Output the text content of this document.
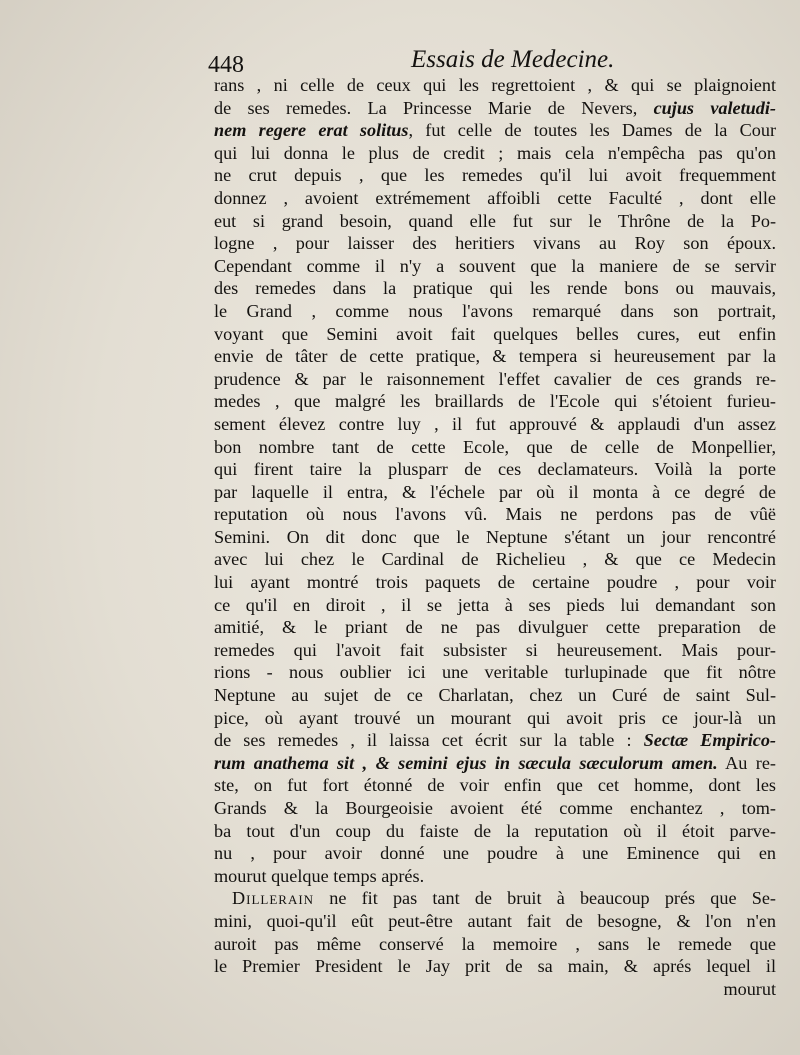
448	Essais de Medecine.
rans , ni celle de ceux qui les regrettoient , & qui se plaignoient
de ses remedes. La Princesse Marie de Nevers, cujus valetudi-
nem regere erat solitus, fut celle de toutes les Dames de la Cour
qui lui donna le plus de credit ; mais cela n'empêcha pas qu'on
ne crut depuis , que les remedes qu'il lui avoit frequemment
donnez , avoient extrémement affoibli cette Faculté , dont elle
eut si grand besoin, quand elle fut sur le Thrône de la Po-
logne , pour laisser des heritiers vivans au Roy son époux.
Cependant comme il n'y a souvent que la maniere de se servir
des remedes dans la pratique qui les rende bons ou mauvais,
le Grand , comme nous l'avons remarqué dans son portrait,
voyant que Semini avoit fait quelques belles cures, eut enfin
envie de tâter de cette pratique, & tempera si heureusement par la
prudence & par le raisonnement l'effet cavalier de ces grands re-
medes , que malgré les braillards de l'Ecole qui s'étoient furieu-
sement élevez contre luy , il fut approuvé & applaudi d'un assez
bon nombre tant de cette Ecole, que de celle de Monpellier,
qui firent taire la plusparr de ces declamateurs. Voilà la porte
par laquelle il entra, & l'échele par où il monta à ce degré de
reputation où nous l'avons vû. Mais ne perdons pas de vûë
Semini. On dit donc que le Neptune s'étant un jour rencontré
avec lui chez le Cardinal de Richelieu , & que ce Medecin
lui ayant montré trois paquets de certaine poudre , pour voir
ce qu'il en diroit , il se jetta à ses pieds lui demandant son
amitié, & le priant de ne pas divulguer cette preparation de
remedes qui l'avoit fait subsister si heureusement. Mais pour-
rions - nous oublier ici une veritable turlupinade que fit nôtre
Neptune au sujet de ce Charlatan, chez un Curé de saint Sul-
pice, où ayant trouvé un mourant qui avoit pris ce jour-là un
de ses remedes , il laissa cet écrit sur la table : Sectæ Empirico-
rum anathema sit , & semini ejus in sæcula sæculorum amen. Au re-
ste, on fut fort étonné de voir enfin que cet homme, dont les
Grands & la Bourgeoisie avoient été comme enchantez , tom-
ba tout d'un coup du faiste de la reputation où il étoit parve-
nu , pour avoir donné une poudre à une Eminence qui en
mourut quelque temps aprés.
Dillerain ne fit pas tant de bruit à beaucoup prés que Se-
mini, quoi-qu'il eût peut-être autant fait de besogne, & l'on n'en
auroit pas même conservé la memoire , sans le remede que
le Premier President le Jay prit de sa main, & aprés lequel il
mourut
